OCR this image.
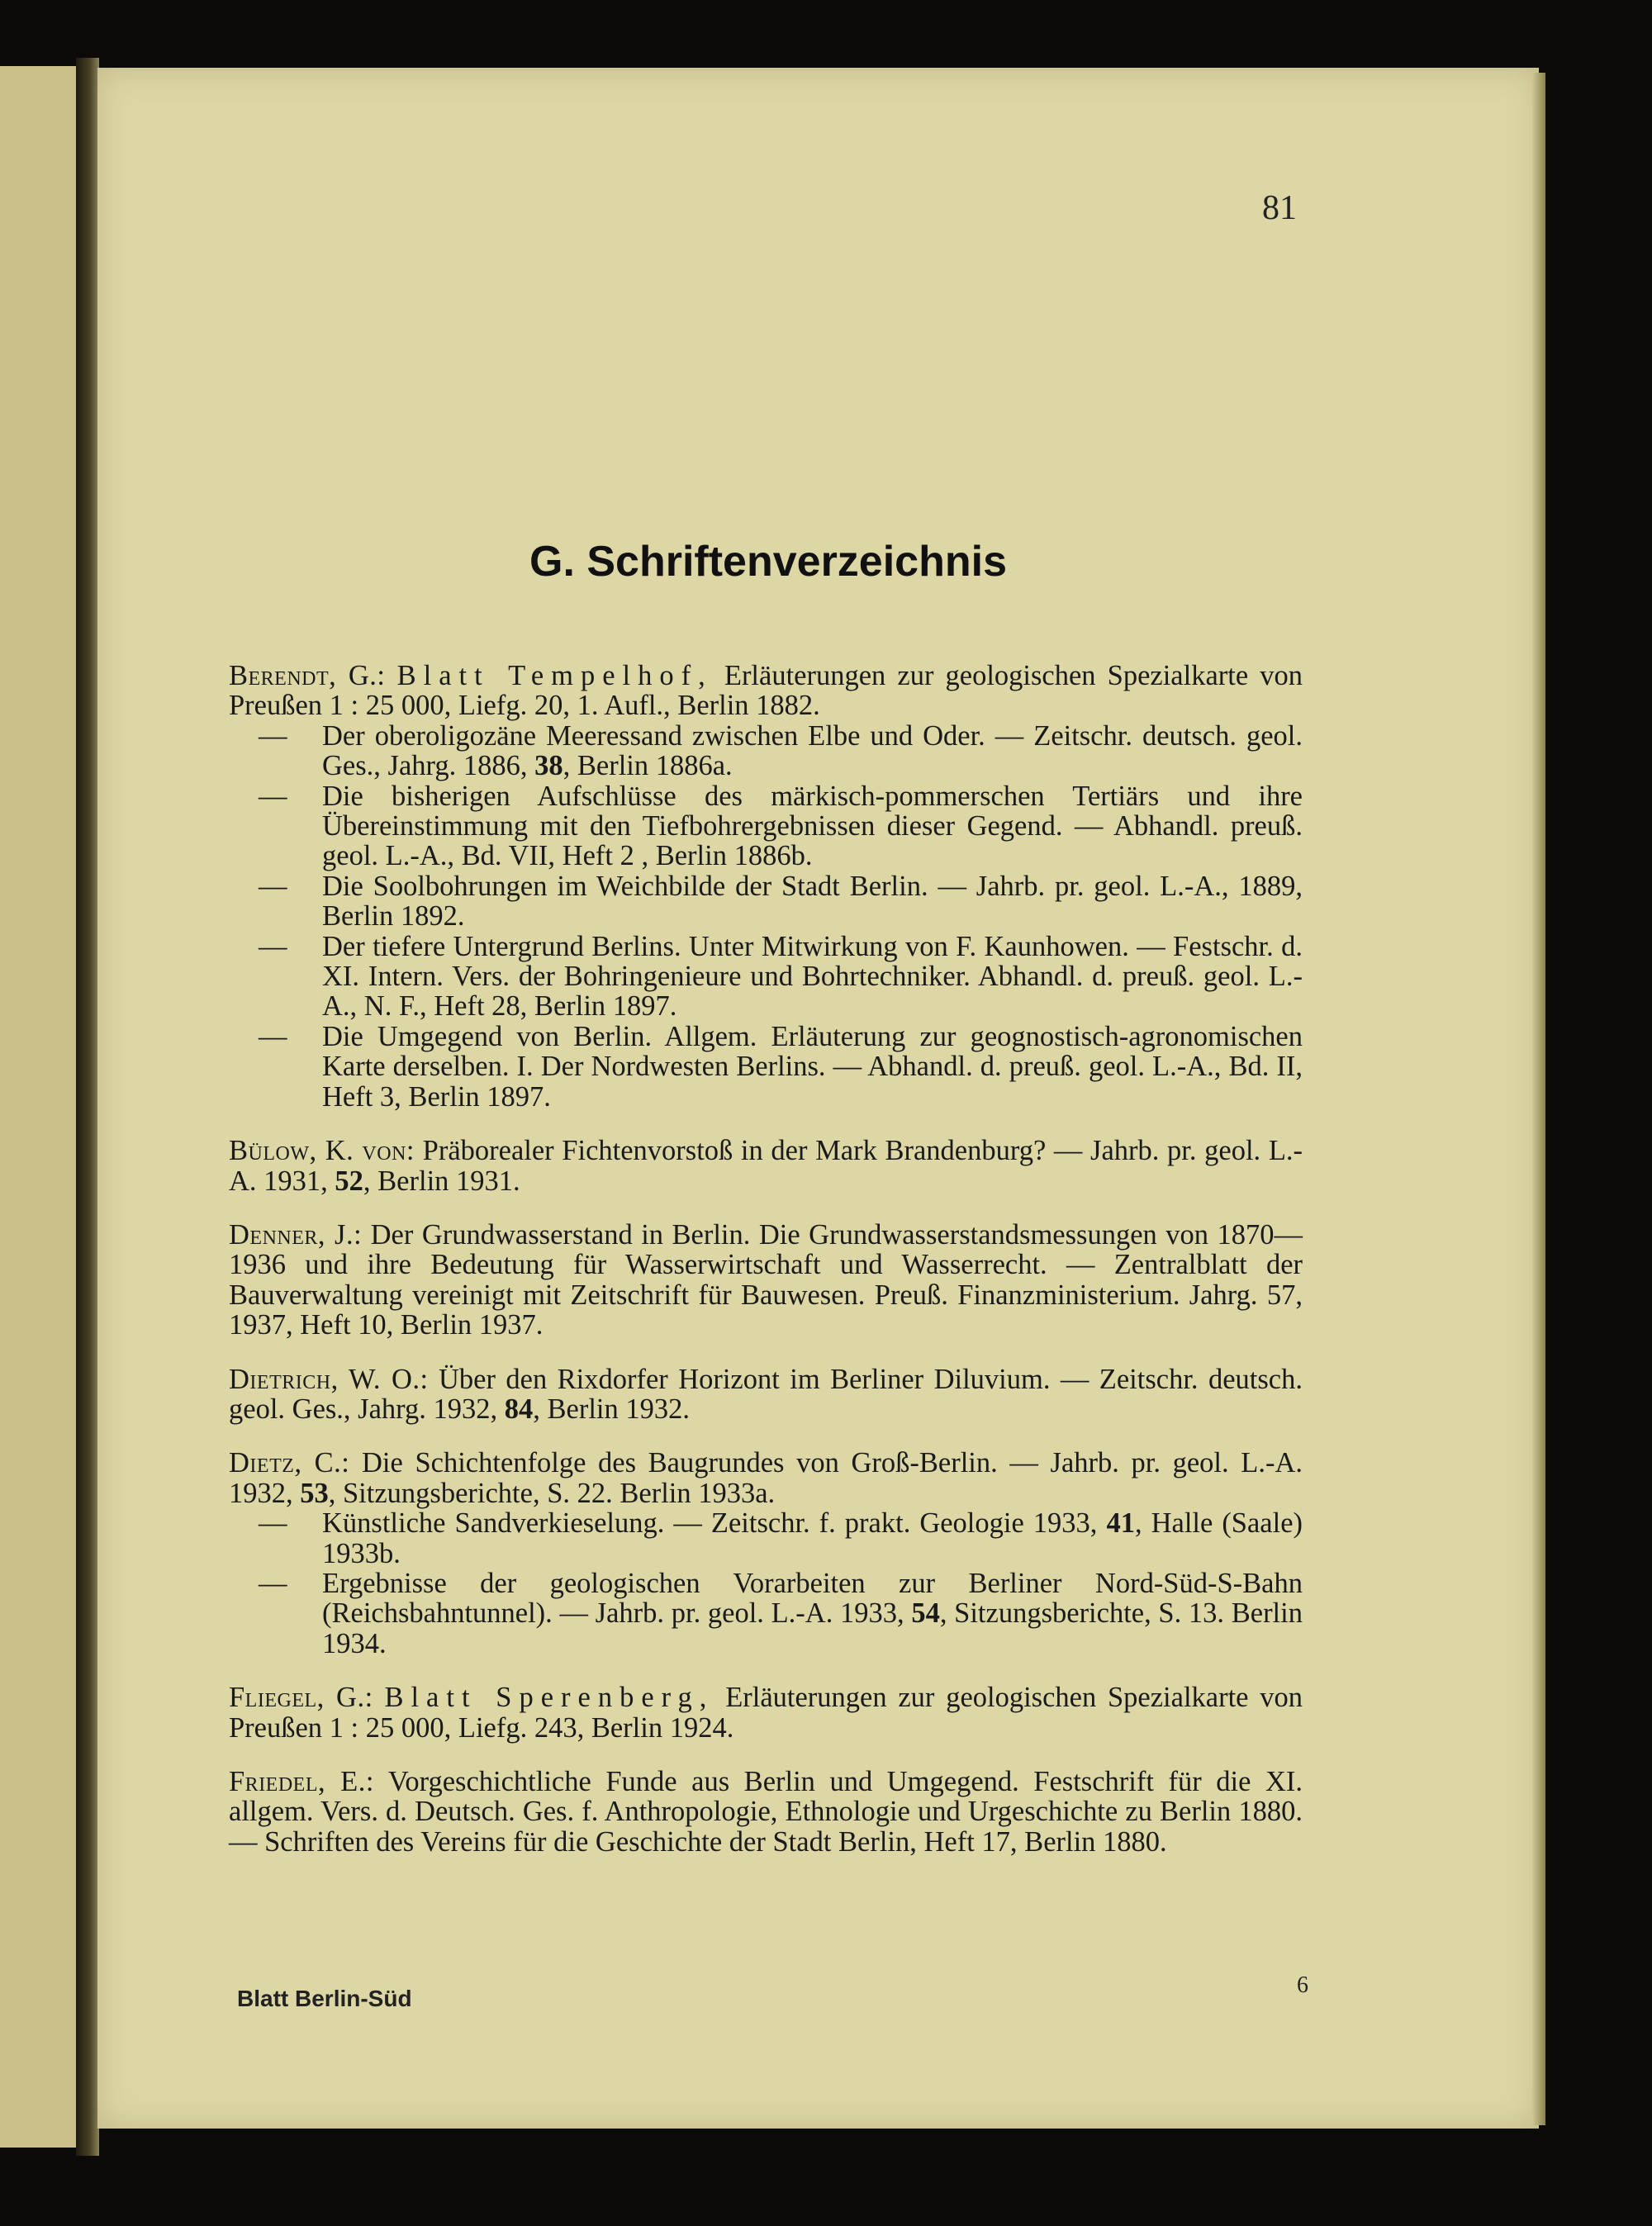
81
G. Schriftenverzeichnis
Berendt, G.: Blatt Tempelhof, Erläuterungen zur geologischen Spezialkarte von Preußen 1 : 25 000, Liefg. 20, 1. Aufl., Berlin 1882.
— Der oberoligozäne Meeressand zwischen Elbe und Oder. — Zeitschr. deutsch. geol. Ges., Jahrg. 1886, 38, Berlin 1886a.
— Die bisherigen Aufschlüsse des märkisch-pommerschen Tertiärs und ihre Übereinstimmung mit den Tiefbohrergebnissen dieser Gegend. — Abhandl. preuß. geol. L.-A., Bd. VII, Heft 2 , Berlin 1886b.
— Die Soolbohrungen im Weichbilde der Stadt Berlin. — Jahrb. pr. geol. L.-A., 1889, Berlin 1892.
— Der tiefere Untergrund Berlins. Unter Mitwirkung von F. Kaunhowen. — Festschr. d. XI. Intern. Vers. der Bohringenieure und Bohrtechniker. Abhandl. d. preuß. geol. L.-A., N. F., Heft 28, Berlin 1897.
— Die Umgegend von Berlin. Allgem. Erläuterung zur geognostisch-agronomischen Karte derselben. I. Der Nordwesten Berlins. — Abhandl. d. preuß. geol. L.-A., Bd. II, Heft 3, Berlin 1897.
Bülow, K. von: Präborealer Fichtenvorstoß in der Mark Brandenburg? — Jahrb. pr. geol. L.-A. 1931, 52, Berlin 1931.
Denner, J.: Der Grundwasserstand in Berlin. Die Grundwasserstandsmessungen von 1870—1936 und ihre Bedeutung für Wasserwirtschaft und Wasserrecht. — Zentralblatt der Bauverwaltung vereinigt mit Zeitschrift für Bauwesen. Preuß. Finanzministerium. Jahrg. 57, 1937, Heft 10, Berlin 1937.
Dietrich, W. O.: Über den Rixdorfer Horizont im Berliner Diluvium. — Zeitschr. deutsch. geol. Ges., Jahrg. 1932, 84, Berlin 1932.
Dietz, C.: Die Schichtenfolge des Baugrundes von Groß-Berlin. — Jahrb. pr. geol. L.-A. 1932, 53, Sitzungsberichte, S. 22. Berlin 1933a.
— Künstliche Sandverkieselung. — Zeitschr. f. prakt. Geologie 1933, 41, Halle (Saale) 1933b.
— Ergebnisse der geologischen Vorarbeiten zur Berliner Nord-Süd-S-Bahn (Reichsbahntunnel). — Jahrb. pr. geol. L.-A. 1933, 54, Sitzungsberichte, S. 13. Berlin 1934.
Fliegel, G.: Blatt Sperenberg, Erläuterungen zur geologischen Spezialkarte von Preußen 1 : 25 000, Liefg. 243, Berlin 1924.
Friedel, E.: Vorgeschichtliche Funde aus Berlin und Umgegend. Festschrift für die XI. allgem. Vers. d. Deutsch. Ges. f. Anthropologie, Ethnologie und Urgeschichte zu Berlin 1880. — Schriften des Vereins für die Geschichte der Stadt Berlin, Heft 17, Berlin 1880.
Blatt Berlin-Süd
6
